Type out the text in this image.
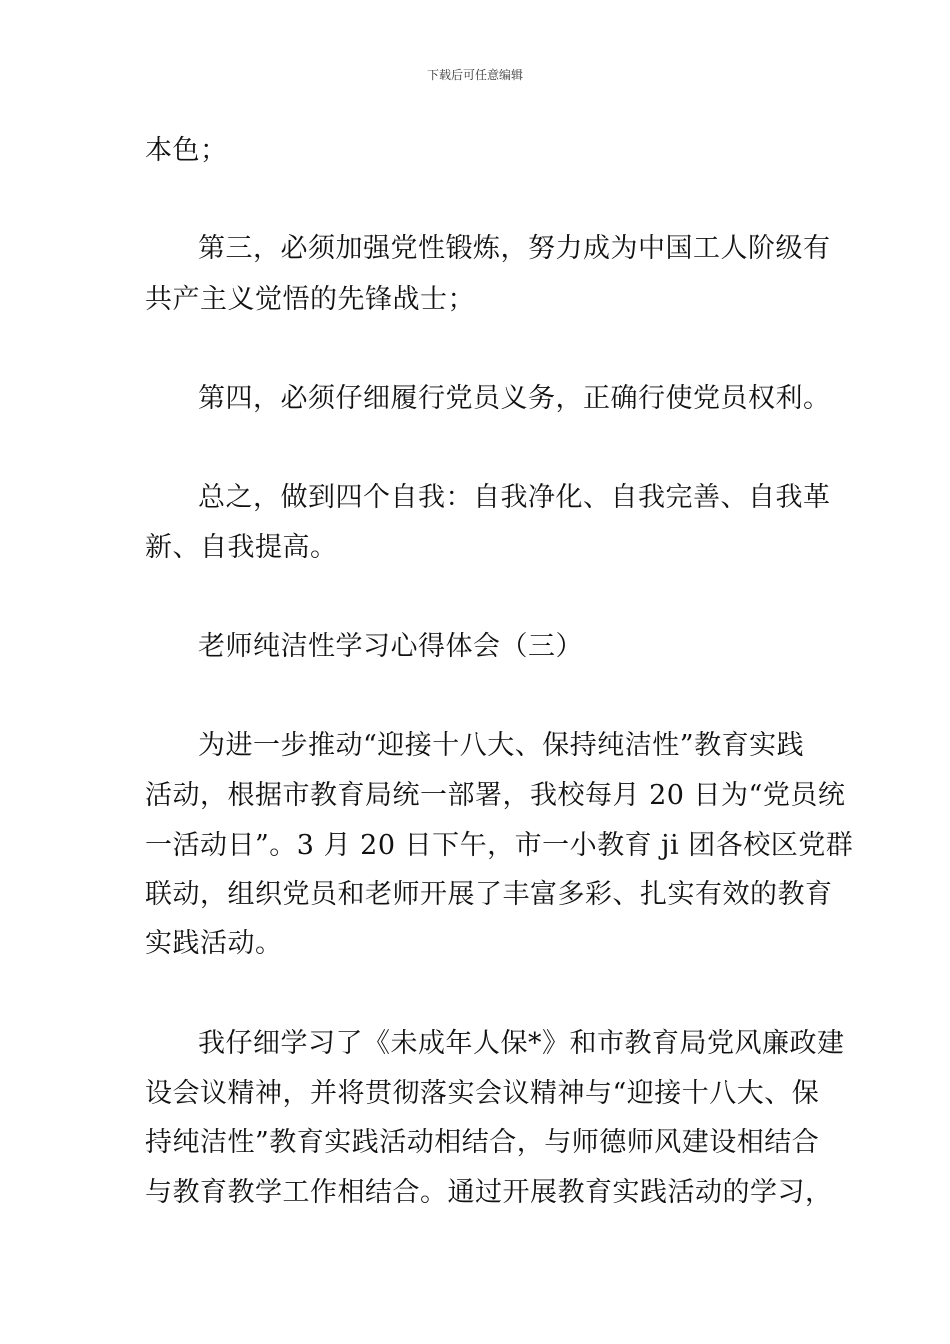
下载后可任意编辑
本色；
第三，必须加强党性锻炼，努力成为中国工人阶级有
共产主义觉悟的先锋战士；
第四，必须仔细履行党员义务，正确行使党员权利。
总之，做到四个自我：自我净化、自我完善、自我革
新、自我提高。
老师纯洁性学习心得体会（三）
为进一步推动“迎接十八大、保持纯洁性”教育实践
活动，根据市教育局统一部署，我校每月 20 日为“党员统
一活动日”。3 月 20 日下午，市一小教育 ji 团各校区党群
联动，组织党员和老师开展了丰富多彩、扎实有效的教育
实践活动。
我仔细学习了《未成年人保*》和市教育局党风廉政建
设会议精神，并将贯彻落实会议精神与“迎接十八大、保
持纯洁性”教育实践活动相结合，与师德师风建设相结合
与教育教学工作相结合。通过开展教育实践活动的学习，
